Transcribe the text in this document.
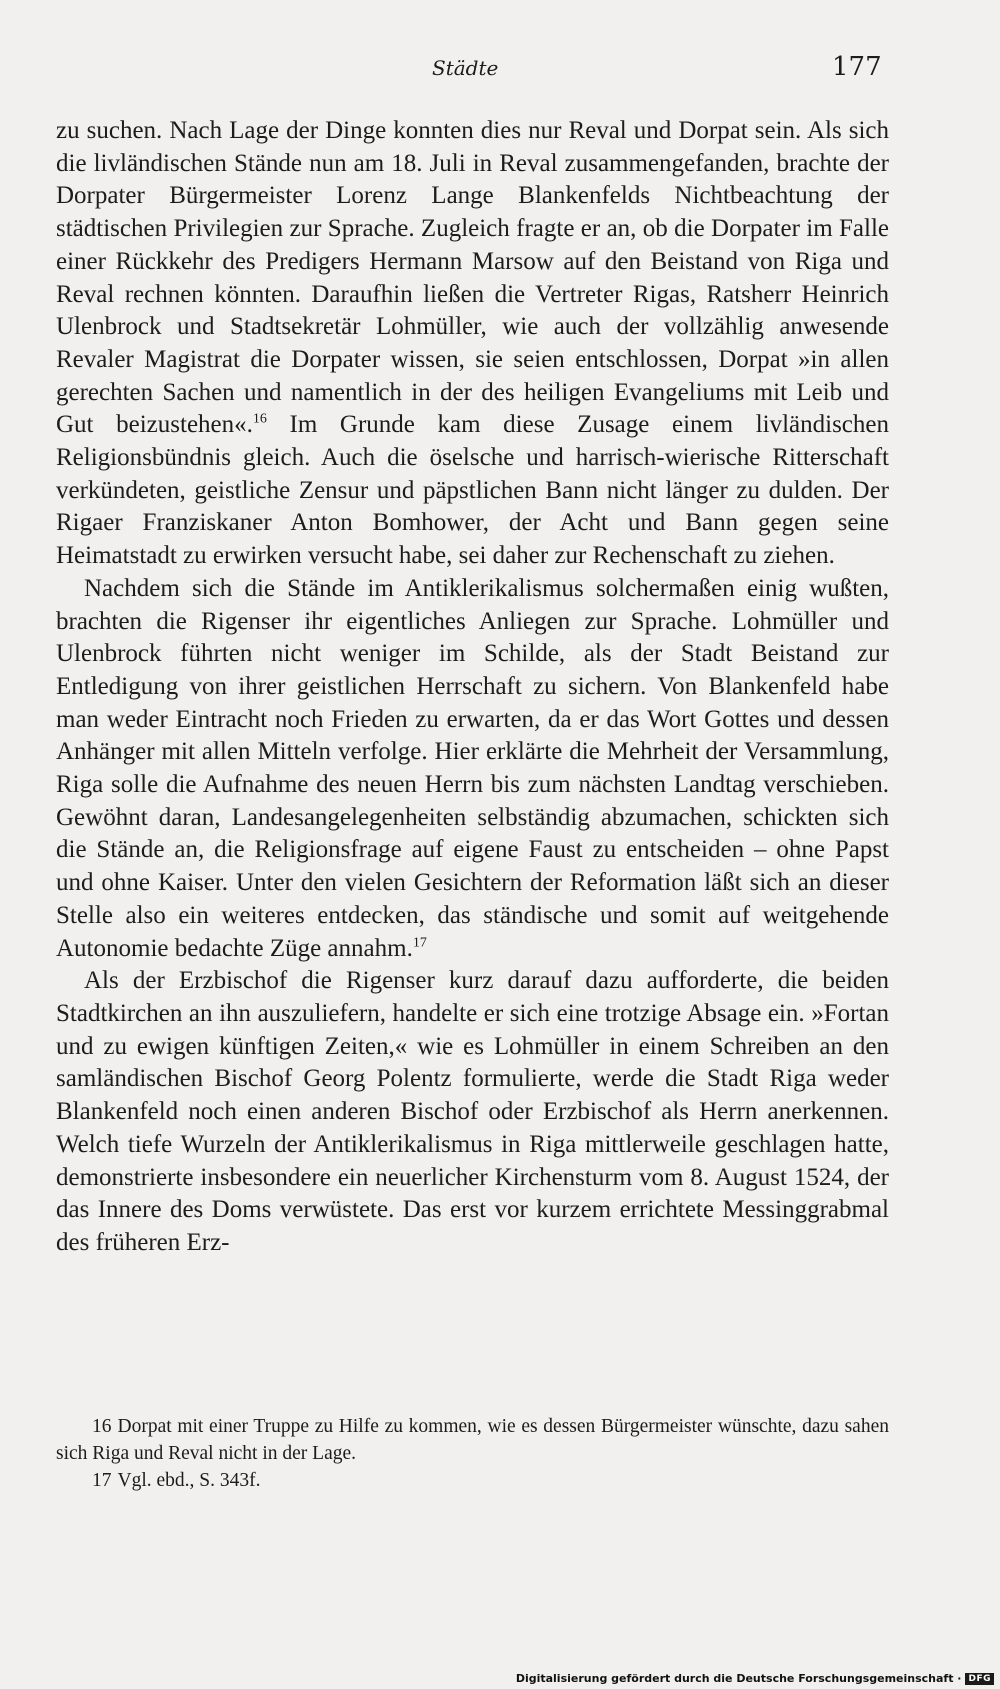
Städte	177

zu suchen. Nach Lage der Dinge konnten dies nur Reval und Dorpat sein. Als sich die livländischen Stände nun am 18. Juli in Reval zusammengefanden, brachte der Dorpater Bürgermeister Lorenz Lange Blankenfelds Nichtbeachtung der städtischen Privilegien zur Sprache. Zugleich fragte er an, ob die Dorpater im Falle einer Rückkehr des Predigers Hermann Marsow auf den Beistand von Riga und Reval rechnen könnten. Daraufhin ließen die Vertreter Rigas, Ratsherr Heinrich Ulenbrock und Stadtsekretär Lohmüller, wie auch der vollzählig anwesende Revaler Magistrat die Dorpater wissen, sie seien entschlossen, Dorpat »in allen gerechten Sachen und namentlich in der des heiligen Evangeliums mit Leib und Gut beizustehen«.$^{16}$ Im Grunde kam diese Zusage einem livländischen Religionsbündnis gleich. Auch die öselsche und harrisch-wierische Ritterschaft verkündeten, geistliche Zensur und päpstlichen Bann nicht länger zu dulden. Der Rigaer Franziskaner Anton Bomhower, der Acht und Bann gegen seine Heimatstadt zu erwirken versucht habe, sei daher zur Rechenschaft zu ziehen.

Nachdem sich die Stände im Antiklerikalismus solchermaßen einig wußten, brachten die Rigenser ihr eigentliches Anliegen zur Sprache. Lohmüller und Ulenbrock führten nicht weniger im Schilde, als der Stadt Beistand zur Entledigung von ihrer geistlichen Herrschaft zu sichern. Von Blankenfeld habe man weder Eintracht noch Frieden zu erwarten, da er das Wort Gottes und dessen Anhänger mit allen Mitteln verfolge. Hier erklärte die Mehrheit der Versammlung, Riga solle die Aufnahme des neuen Herrn bis zum nächsten Landtag verschieben. Gewöhnt daran, Landesangelegenheiten selbständig abzumachen, schickten sich die Stände an, die Religionsfrage auf eigene Faust zu entscheiden – ohne Papst und ohne Kaiser. Unter den vielen Gesichtern der Reformation läßt sich an dieser Stelle also ein weiteres entdecken, das ständische und somit auf weitgehende Autonomie bedachte Züge annahm.$^{17}$

Als der Erzbischof die Rigenser kurz darauf dazu aufforderte, die beiden Stadtkirchen an ihn auszuliefern, handelte er sich eine trotzige Absage ein. »Fortan und zu ewigen künftigen Zeiten,« wie es Lohmüller in einem Schreiben an den samländischen Bischof Georg Polentz formulierte, werde die Stadt Riga weder Blankenfeld noch einen anderen Bischof oder Erzbischof als Herrn anerkennen. Welch tiefe Wurzeln der Antiklerikalismus in Riga mittlerweile geschlagen hatte, demonstrierte insbesondere ein neuerlicher Kirchensturm vom 8. August 1524, der das Innere des Doms verwüstete. Das erst vor kurzem errichtete Messinggrabmal des früheren Erz-

16 Dorpat mit einer Truppe zu Hilfe zu kommen, wie es dessen Bürgermeister wünschte, dazu sahen sich Riga und Reval nicht in der Lage.

17 Vgl. ebd., S. 343f.

Digitalisierung gefördert durch die Deutsche Forschungsgemeinschaft · DFG
